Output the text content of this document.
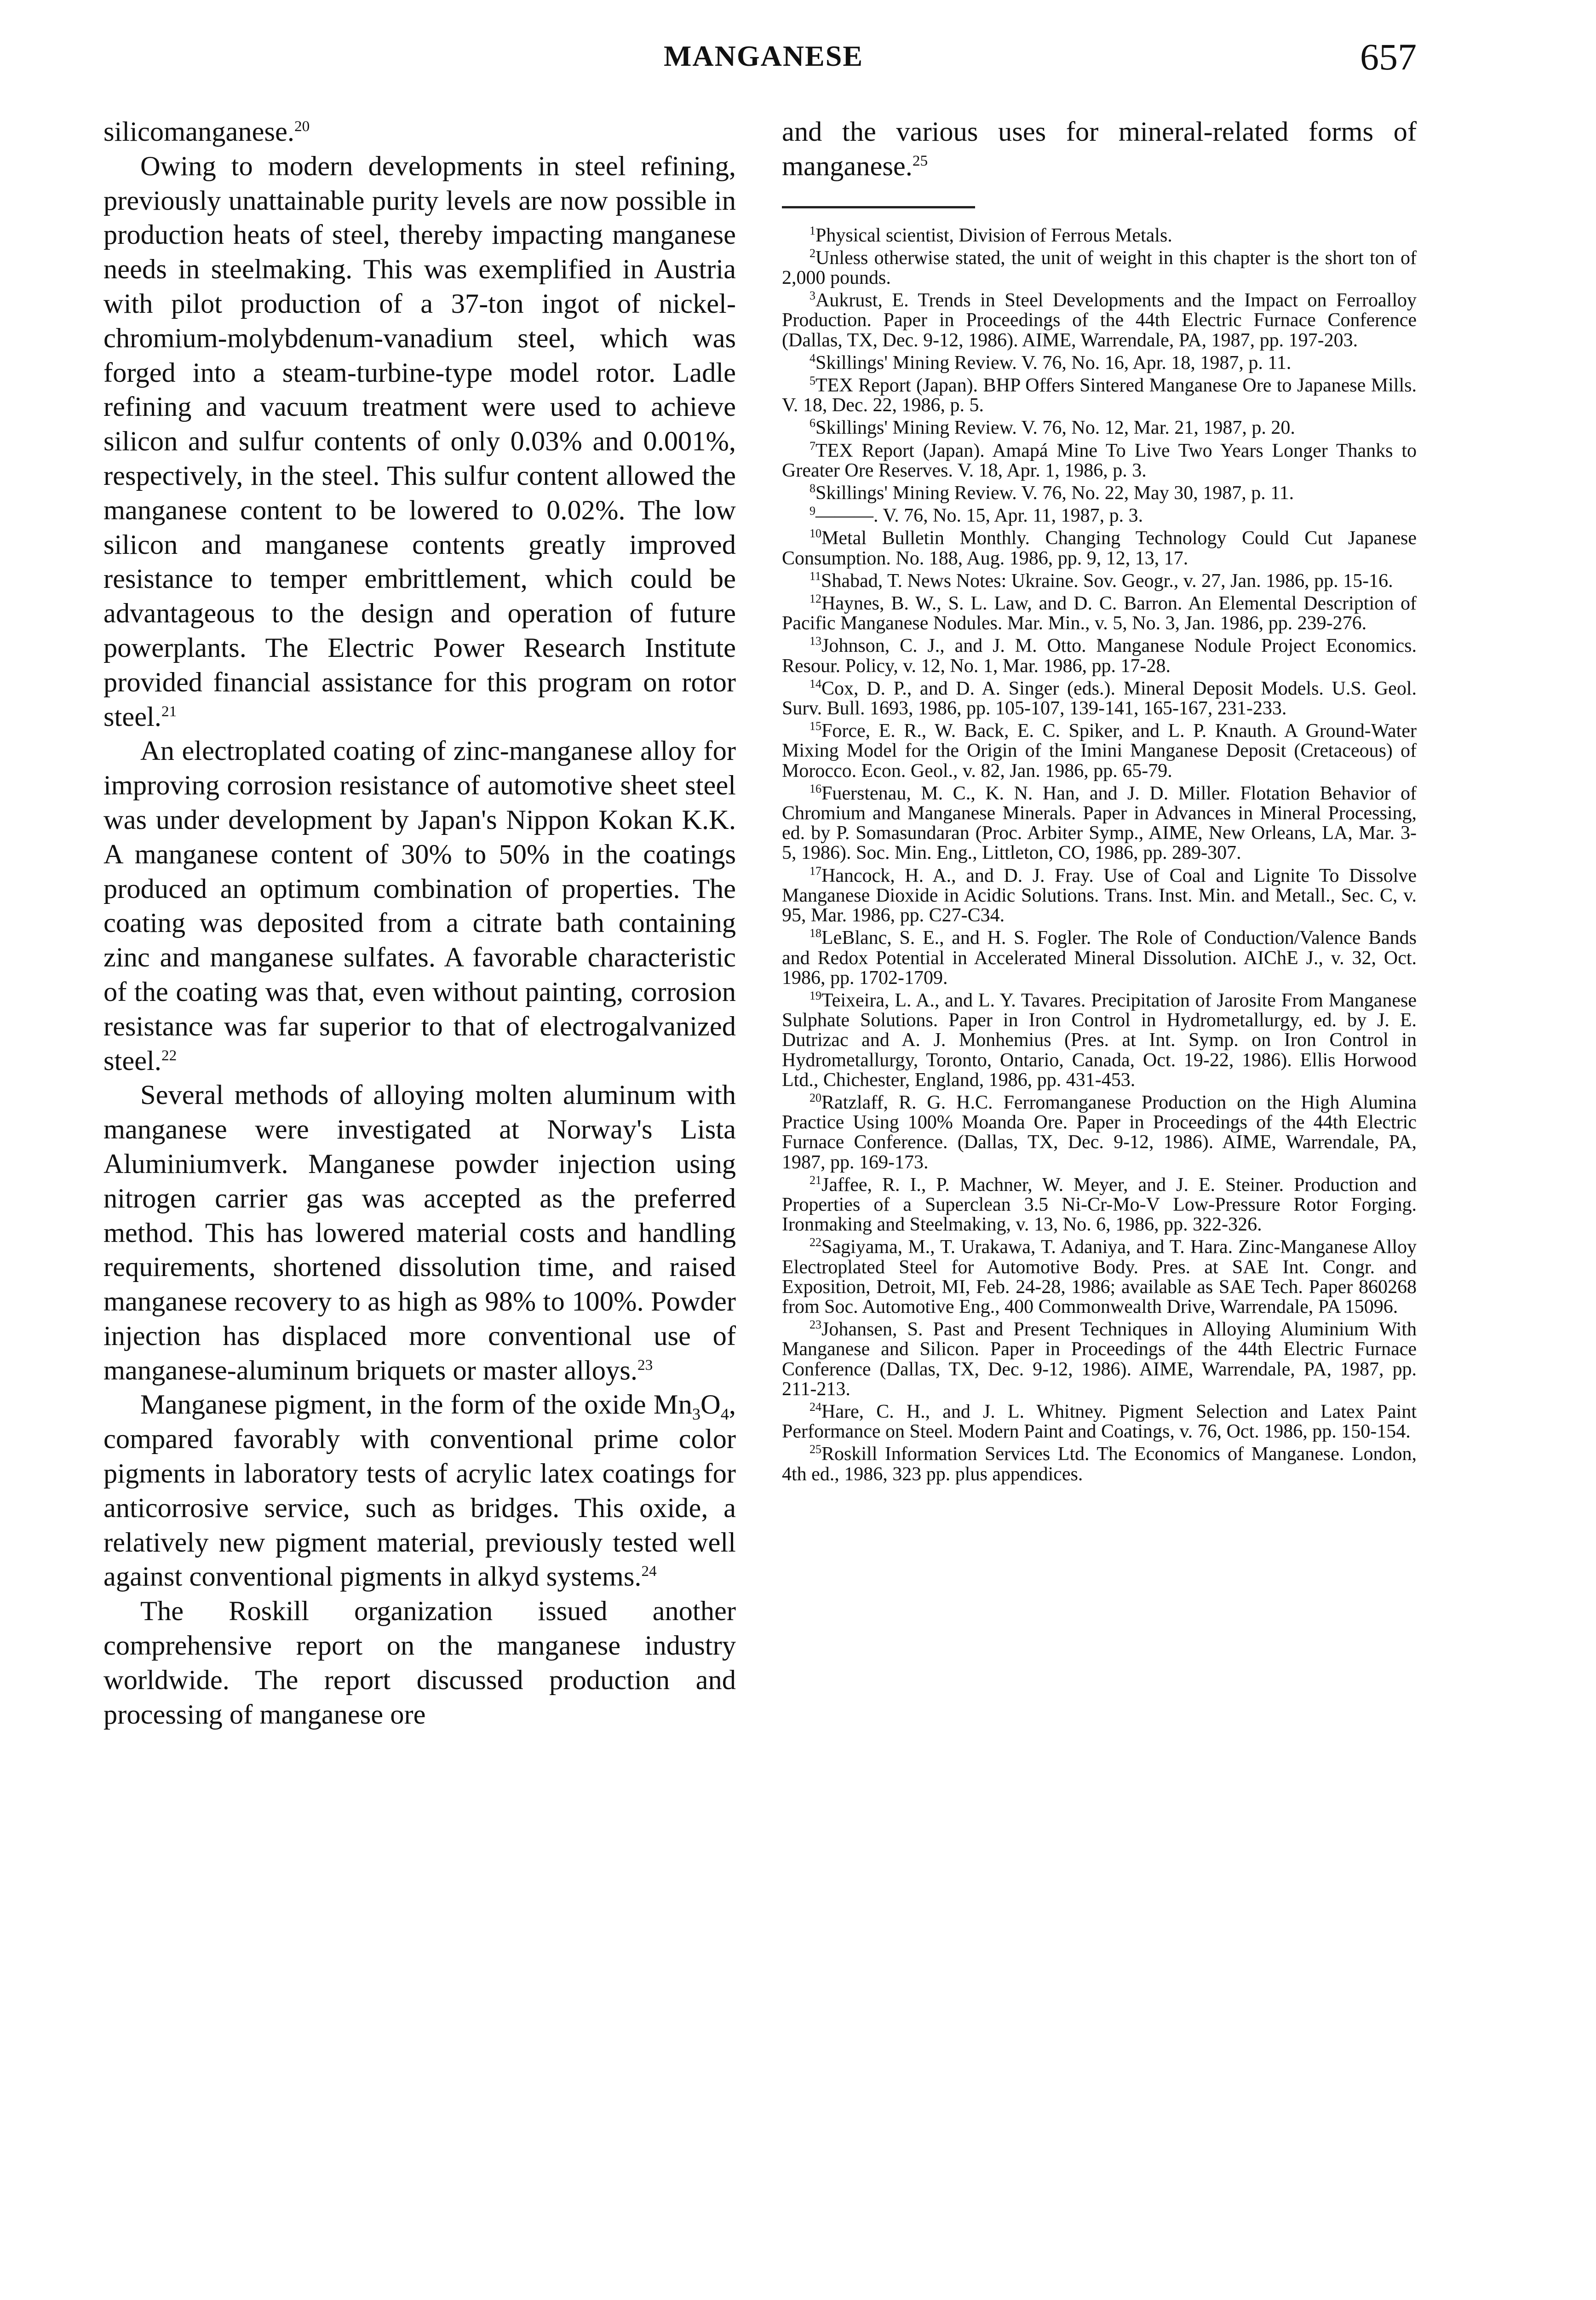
MANGANESE	657

silicomanganese.$^{20}$

Owing to modern developments in steel refining, previously unattainable purity levels are now possible in production heats of steel, thereby impacting manganese needs in steelmaking. This was exemplified in Austria with pilot production of a 37-ton ingot of nickel-chromium-molybdenum-vanadium steel, which was forged into a steam-turbine-type model rotor. Ladle refining and vacuum treatment were used to achieve silicon and sulfur contents of only 0.03% and 0.001%, respectively, in the steel. This sulfur content allowed the manganese content to be lowered to 0.02%. The low silicon and manganese contents greatly improved resistance to temper embrittlement, which could be advantageous to the design and operation of future powerplants. The Electric Power Research Institute provided financial assistance for this program on rotor steel.$^{21}$

An electroplated coating of zinc-manganese alloy for improving corrosion resistance of automotive sheet steel was under development by Japan's Nippon Kokan K.K. A manganese content of 30% to 50% in the coatings produced an optimum combination of properties. The coating was deposited from a citrate bath containing zinc and manganese sulfates. A favorable characteristic of the coating was that, even without painting, corrosion resistance was far superior to that of electrogalvanized steel.$^{22}$

Several methods of alloying molten aluminum with manganese were investigated at Norway's Lista Aluminiumverk. Manganese powder injection using nitrogen carrier gas was accepted as the preferred method. This has lowered material costs and handling requirements, shortened dissolution time, and raised manganese recovery to as high as 98% to 100%. Powder injection has displaced more conventional use of manganese-aluminum briquets or master alloys.$^{23}$

Manganese pigment, in the form of the oxide $Mn_3O_4$, compared favorably with conventional prime color pigments in laboratory tests of acrylic latex coatings for anticorrosive service, such as bridges. This oxide, a relatively new pigment material, previously tested well against conventional pigments in alkyd systems.$^{24}$

The Roskill organization issued another comprehensive report on the manganese industry worldwide. The report discussed production and processing of manganese ore

and the various uses for mineral-related forms of manganese.$^{25}$

$^1$Physical scientist, Division of Ferrous Metals.

$^2$Unless otherwise stated, the unit of weight in this chapter is the short ton of 2,000 pounds.

$^3$Aukrust, E. Trends in Steel Developments and the Impact on Ferroalloy Production. Paper in Proceedings of the 44th Electric Furnace Conference (Dallas, TX, Dec. 9-12, 1986). AIME, Warrendale, PA, 1987, pp. 197-203.

$^4$Skillings' Mining Review. V. 76, No. 16, Apr. 18, 1987, p. 11.

$^5$TEX Report (Japan). BHP Offers Sintered Manganese Ore to Japanese Mills. V. 18, Dec. 22, 1986, p. 5.

$^6$Skillings' Mining Review. V. 76, No. 12, Mar. 21, 1987, p. 20.

$^7$TEX Report (Japan). Amapá Mine To Live Two Years Longer Thanks to Greater Ore Reserves. V. 18, Apr. 1, 1986, p. 3.

$^8$Skillings' Mining Review. V. 76, No. 22, May 30, 1987, p. 11.

$^9$———. V. 76, No. 15, Apr. 11, 1987, p. 3.

$^{10}$Metal Bulletin Monthly. Changing Technology Could Cut Japanese Consumption. No. 188, Aug. 1986, pp. 9, 12, 13, 17.

$^{11}$Shabad, T. News Notes: Ukraine. Sov. Geogr., v. 27, Jan. 1986, pp. 15-16.

$^{12}$Haynes, B. W., S. L. Law, and D. C. Barron. An Elemental Description of Pacific Manganese Nodules. Mar. Min., v. 5, No. 3, Jan. 1986, pp. 239-276.

$^{13}$Johnson, C. J., and J. M. Otto. Manganese Nodule Project Economics. Resour. Policy, v. 12, No. 1, Mar. 1986, pp. 17-28.

$^{14}$Cox, D. P., and D. A. Singer (eds.). Mineral Deposit Models. U.S. Geol. Surv. Bull. 1693, 1986, pp. 105-107, 139-141, 165-167, 231-233.

$^{15}$Force, E. R., W. Back, E. C. Spiker, and L. P. Knauth. A Ground-Water Mixing Model for the Origin of the Imini Manganese Deposit (Cretaceous) of Morocco. Econ. Geol., v. 82, Jan. 1986, pp. 65-79.

$^{16}$Fuerstenau, M. C., K. N. Han, and J. D. Miller. Flotation Behavior of Chromium and Manganese Minerals. Paper in Advances in Mineral Processing, ed. by P. Somasundaran (Proc. Arbiter Symp., AIME, New Orleans, LA, Mar. 3-5, 1986). Soc. Min. Eng., Littleton, CO, 1986, pp. 289-307.

$^{17}$Hancock, H. A., and D. J. Fray. Use of Coal and Lignite To Dissolve Manganese Dioxide in Acidic Solutions. Trans. Inst. Min. and Metall., Sec. C, v. 95, Mar. 1986, pp. C27-C34.

$^{18}$LeBlanc, S. E., and H. S. Fogler. The Role of Conduction/Valence Bands and Redox Potential in Accelerated Mineral Dissolution. AIChE J., v. 32, Oct. 1986, pp. 1702-1709.

$^{19}$Teixeira, L. A., and L. Y. Tavares. Precipitation of Jarosite From Manganese Sulphate Solutions. Paper in Iron Control in Hydrometallurgy, ed. by J. E. Dutrizac and A. J. Monhemius (Pres. at Int. Symp. on Iron Control in Hydrometallurgy, Toronto, Ontario, Canada, Oct. 19-22, 1986). Ellis Horwood Ltd., Chichester, England, 1986, pp. 431-453.

$^{20}$Ratzlaff, R. G. H.C. Ferromanganese Production on the High Alumina Practice Using 100% Moanda Ore. Paper in Proceedings of the 44th Electric Furnace Conference. (Dallas, TX, Dec. 9-12, 1986). AIME, Warrendale, PA, 1987, pp. 169-173.

$^{21}$Jaffee, R. I., P. Machner, W. Meyer, and J. E. Steiner. Production and Properties of a Superclean 3.5 Ni-Cr-Mo-V Low-Pressure Rotor Forging. Ironmaking and Steelmaking, v. 13, No. 6, 1986, pp. 322-326.

$^{22}$Sagiyama, M., T. Urakawa, T. Adaniya, and T. Hara. Zinc-Manganese Alloy Electroplated Steel for Automotive Body. Pres. at SAE Int. Congr. and Exposition, Detroit, MI, Feb. 24-28, 1986; available as SAE Tech. Paper 860268 from Soc. Automotive Eng., 400 Commonwealth Drive, Warrendale, PA 15096.

$^{23}$Johansen, S. Past and Present Techniques in Alloying Aluminium With Manganese and Silicon. Paper in Proceedings of the 44th Electric Furnace Conference (Dallas, TX, Dec. 9-12, 1986). AIME, Warrendale, PA, 1987, pp. 211-213.

$^{24}$Hare, C. H., and J. L. Whitney. Pigment Selection and Latex Paint Performance on Steel. Modern Paint and Coatings, v. 76, Oct. 1986, pp. 150-154.

$^{25}$Roskill Information Services Ltd. The Economics of Manganese. London, 4th ed., 1986, 323 pp. plus appendices.
